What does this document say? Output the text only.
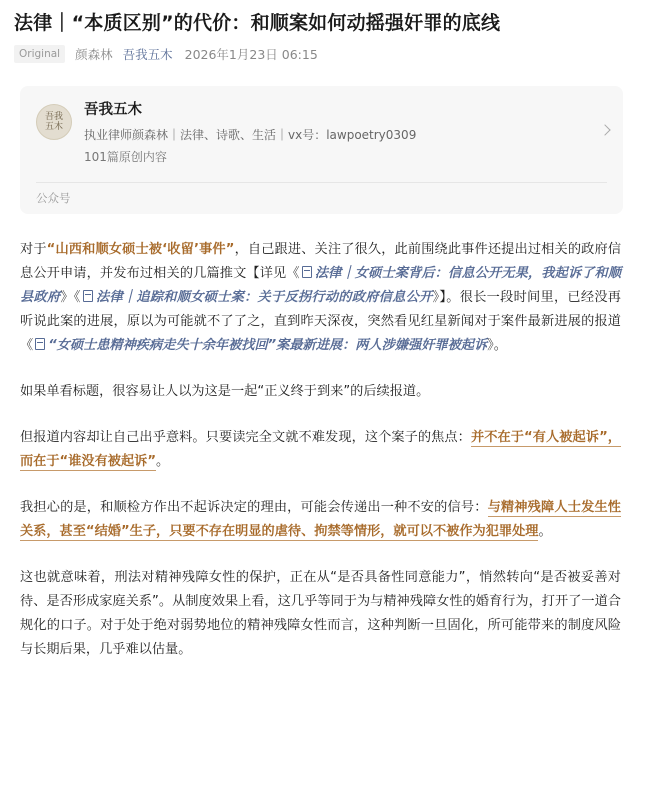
法律｜“本质区别”的代价：和顺案如何动摇强奸罪的底线
Original	颜森林 吾我五木 2026年1月23日 06:15
吾我五木
吾我五木
执业律师颜森林｜法律、诗歌、生活｜vx号：lawpoetry0309
101篇原创内容
公众号

对于“山西和顺女硕士被‘收留’事件”，自己跟进、关注了很久，此前围绕此事件还提出过相关的政府信息公开申请，并发布过相关的几篇推文【详见《 法律｜女硕士案背后：信息公开无果，我起诉了和顺县政府》《 法律｜追踪和顺女硕士案：关于反拐行动的政府信息公开》】。很长一段时间里，已经没再听说此案的进展，原以为可能就不了了之，直到昨天深夜，突然看见红星新闻对于案件最新进展的报道《 “女硕士患精神疾病走失十余年被找回”案最新进展：两人涉嫌强奸罪被起诉》。

如果单看标题，很容易让人以为这是一起“正义终于到来”的后续报道。

但报道内容却让自己出乎意料。只要读完全文就不难发现，这个案子的焦点：并不在于“有人被起诉”，而在于“谁没有被起诉”。

我担心的是，和顺检方作出不起诉决定的理由，可能会传递出一种不安的信号：与精神残障人士发生性关系，甚至“结婚”生子，只要不存在明显的虐待、拘禁等情形，就可以不被作为犯罪处理。

这也就意味着，刑法对精神残障女性的保护，正在从“是否具备性同意能力”，悄然转向“是否被妥善对待、是否形成家庭关系”。从制度效果上看，这几乎等同于为与精神残障女性的婚育行为，打开了一道合规化的口子。对于处于绝对弱势地位的精神残障女性而言，这种判断一旦固化，所可能带来的制度风险与长期后果，几乎难以估量。
